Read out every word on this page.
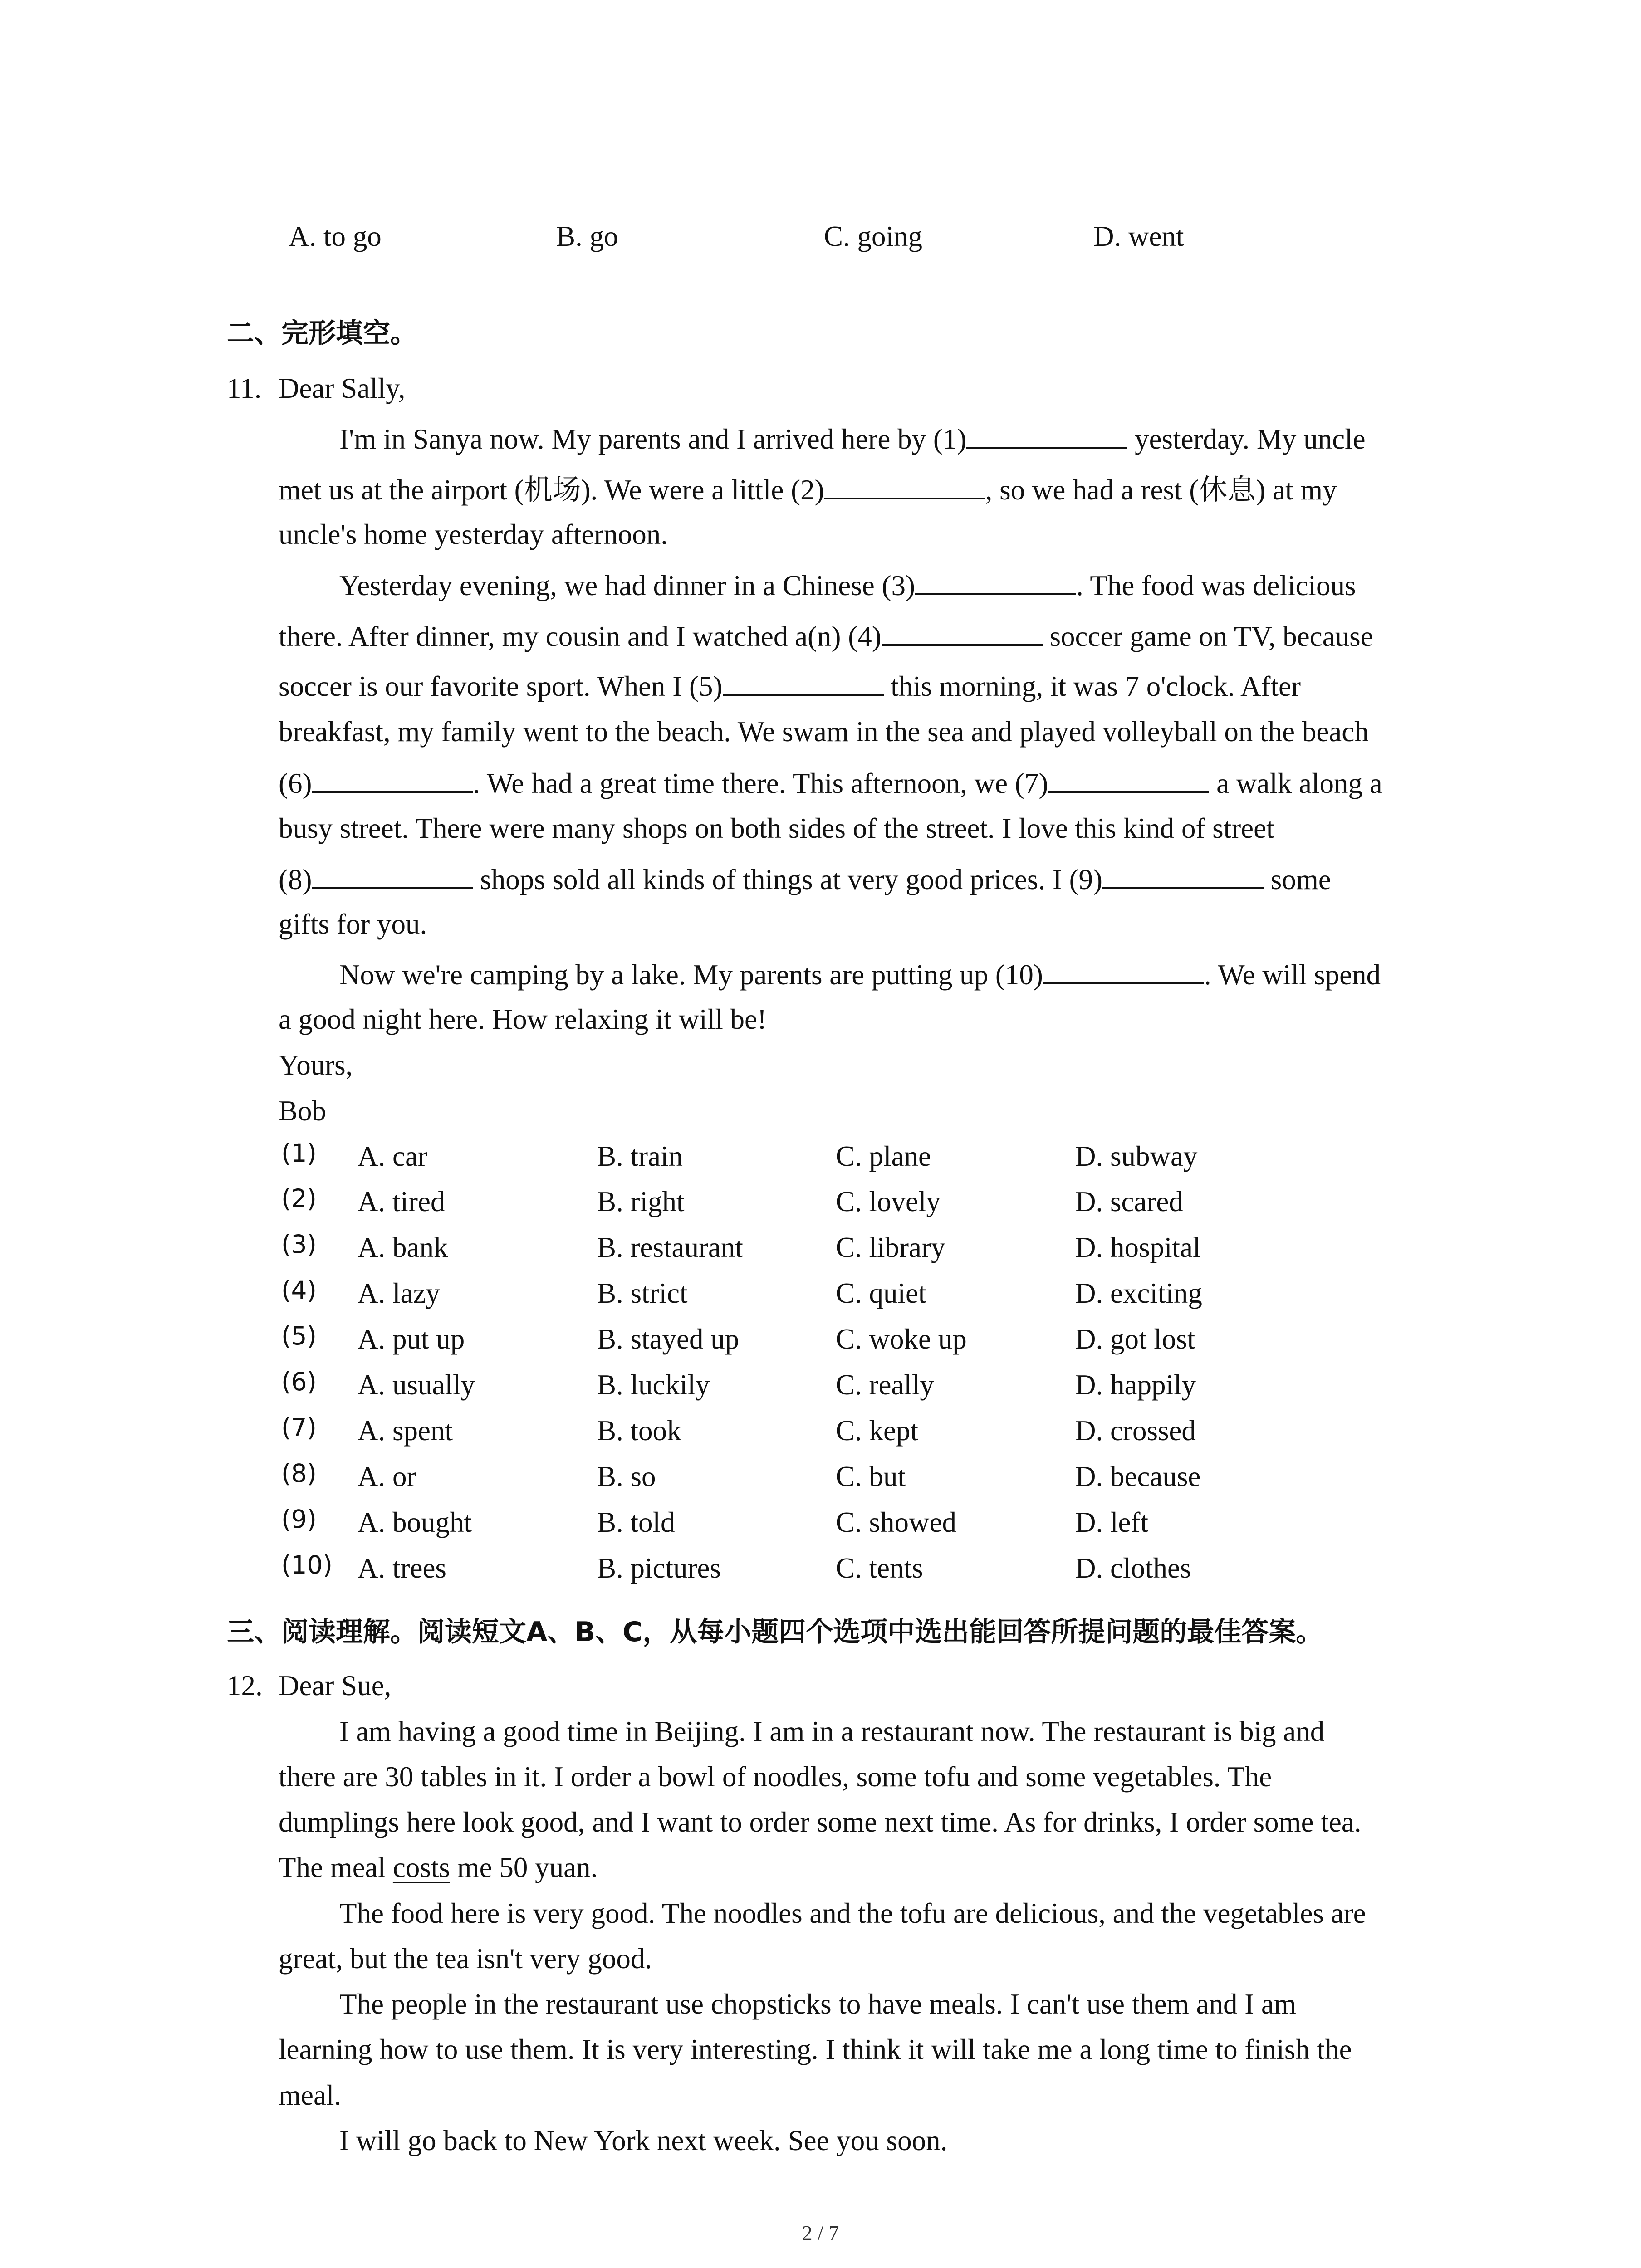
A. to go	B. go	C. going	D. went
二、完形填空。
11. Dear Sally,
I'm in Sanya now. My parents and I arrived here by (1)	yesterday. My uncle
met us at the airport (机场). We were a little (2)	, so we had a rest (休息) at my
uncle's home yesterday afternoon.
Yesterday evening, we had dinner in a Chinese (3)	. The food was delicious
there. After dinner, my cousin and I watched a(n) (4)	soccer game on TV, because
soccer is our favorite sport. When I (5)	this morning, it was 7 o'clock. After
breakfast, my family went to the beach. We swam in the sea and played volleyball on the beach
(6)	. We had a great time there. This afternoon, we (7)	a walk along a
busy street. There were many shops on both sides of the street. I love this kind of street
(8)	shops sold all kinds of things at very good prices. I (9)	some
gifts for you.
Now we're camping by a lake. My parents are putting up (10)	. We will spend
a good night here. How relaxing it will be!
Yours,
Bob
(1) A. car	B. train	C. plane	D. subway
(2) A. tired	B. right	C. lovely	D. scared
(3) A. bank	B. restaurant	C. library	D. hospital
(4) A. lazy	B. strict	C. quiet	D. exciting
(5) A. put up	B. stayed up	C. woke up	D. got lost
(6) A. usually	B. luckily	C. really	D. happily
(7) A. spent	B. took	C. kept	D. crossed
(8) A. or	B. so	C. but	D. because
(9) A. bought	B. told	C. showed	D. left
(10) A. trees	B. pictures	C. tents	D. clothes
三、阅读理解。阅读短文A、B、C，从每小题四个选项中选出能回答所提问题的最佳答案。
12. Dear Sue,
I am having a good time in Beijing. I am in a restaurant now. The restaurant is big and
there are 30 tables in it. I order a bowl of noodles, some tofu and some vegetables. The
dumplings here look good, and I want to order some next time. As for drinks, I order some tea.
The meal costs me 50 yuan.
The food here is very good. The noodles and the tofu are delicious, and the vegetables are
great, but the tea isn't very good.
The people in the restaurant use chopsticks to have meals. I can't use them and I am
learning how to use them. It is very interesting. I think it will take me a long time to finish the
meal.
I will go back to New York next week. See you soon.
2 / 7
